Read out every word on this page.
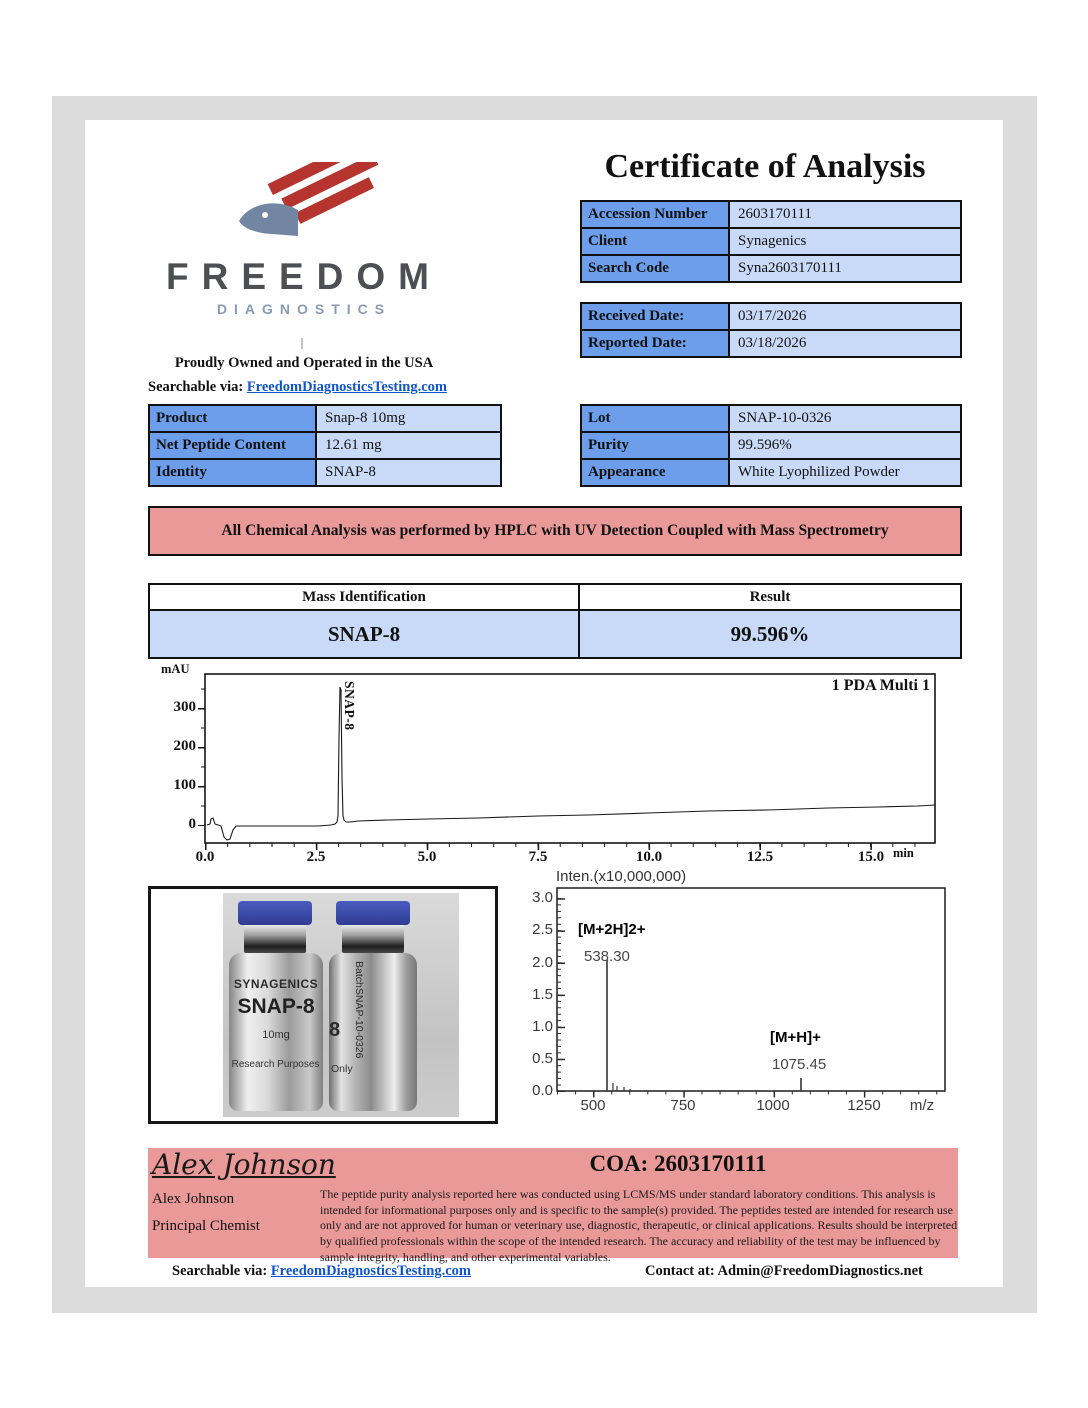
FREEDOM
DIAGNOSTICS
Proudly Owned and Operated in the USA
Searchable via: FreedomDiagnosticsTesting.com
Certificate of Analysis
Accession Number	2603170111
Client	Synagenics
Search Code	Syna2603170111
Received Date:	03/17/2026
Reported Date:	03/18/2026
Product	Snap-8 10mg
Net Peptide Content	12.61 mg
Identity	SNAP-8
Lot	SNAP-10-0326
Purity	99.596%
Appearance	White Lyophilized Powder
All Chemical Analysis was performed by HPLC with UV Detection Coupled with Mass Spectrometry
Mass Identification	Result
SNAP-8	99.596%
mAU
1 PDA Multi 1
SNAP-8
300
200
100
0
0.0	2.5	5.0	7.5	10.0	12.5	15.0 min
SYNAGENICS
SNAP-8
10mg
Research Purposes
8 BatchSNAP-10-0326
Only
Inten.(x10,000,000)
3.0
2.5
2.0
1.5
1.0
0.5
0.0
500	750	1000	1250	m/z
[M+2H]2+
538.30
[M+H]+
1075.45
Alex Johnson
Alex Johnson
Principal Chemist
COA: 2603170111
The peptide purity analysis reported here was conducted using LCMS/MS under standard laboratory conditions. This analysis is intended for informational purposes only and is specific to the sample(s) provided. The peptides tested are intended for research use only and are not approved for human or veterinary use, diagnostic, therapeutic, or clinical applications. Results should be interpreted by qualified professionals within the scope of the intended research. The accuracy and reliability of the test may be influenced by sample integrity, handling, and other experimental variables.
Searchable via: FreedomDiagnosticsTesting.com	Contact at: Admin@FreedomDiagnostics.net
